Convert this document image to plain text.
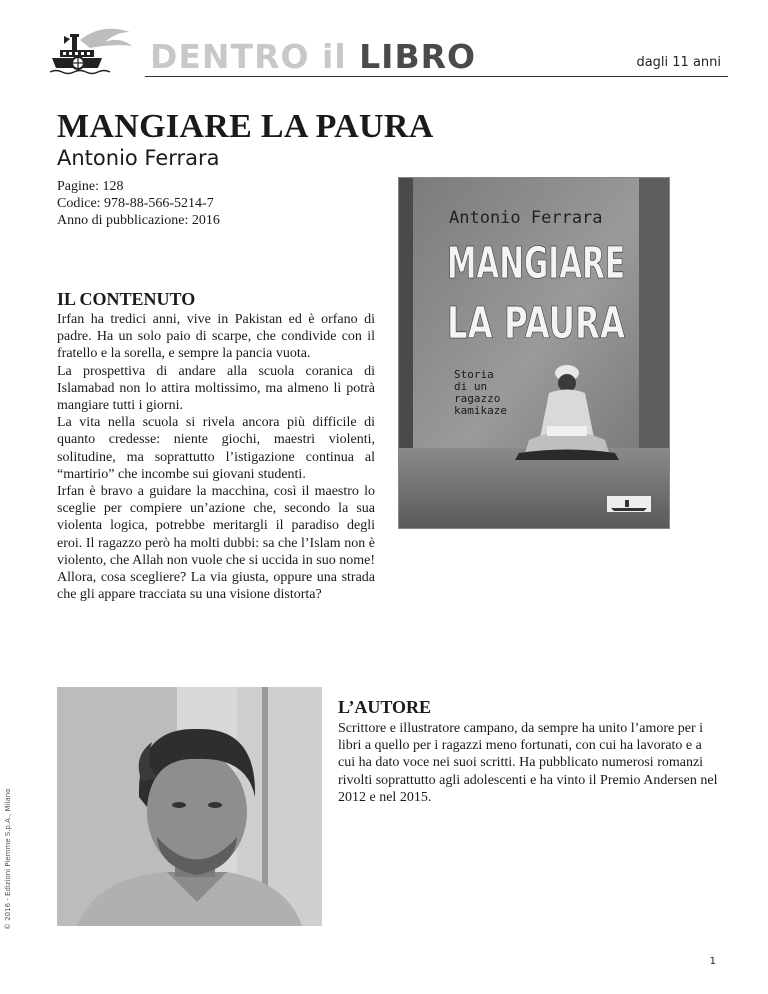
DENTRO il LIBRO	dagli 11 anni
MANGIARE LA PAURA
Antonio Ferrara
Pagine: 128
Codice: 978-88-566-5214-7
Anno di pubblicazione: 2016	Antonio Ferrara
MANGIARE
LA PAURA
Storia
di un
ragazzo
kamikaze
IL CONTENUTO

Irfan ha tredici anni, vive in Pakistan ed è orfano di padre. Ha un solo paio di scarpe, che condivide con il fratello e la sorella, e sempre la pancia vuota.

La prospettiva di andare alla scuola coranica di Islamabad non lo attira moltissimo, ma almeno lì potrà mangiare tutti i giorni.

La vita nella scuola si rivela ancora più difficile di quanto credesse: niente giochi, maestri violenti, solitudine, ma soprattutto l’istigazione continua al “martirio” che incombe sui giovani studenti.

Irfan è bravo a guidare la macchina, così il maestro lo sceglie per compiere un’azione che, secondo la sua violenta logica, potrebbe meritargli il paradiso degli eroi. Il ragazzo però ha molti dubbi: sa che l’Islam non è violento, che Allah non vuole che si uccida in suo nome! Allora, cosa scegliere? La via giusta, oppure una strada che gli appare tracciata su una visione distorta?

L’AUTORE
Scrittore e illustratore campano, da sempre ha unito l’amore per i libri a quello per i ragazzi meno fortunati, con cui ha lavorato e a cui ha dato voce nei suoi scritti. Ha pubblicato numerosi romanzi rivolti soprattutto agli adolescenti e ha vinto il Premio Andersen nel 2012 e nel 2015.
© 2016 - Edizioni Piemme S.p.A., Milano
1
